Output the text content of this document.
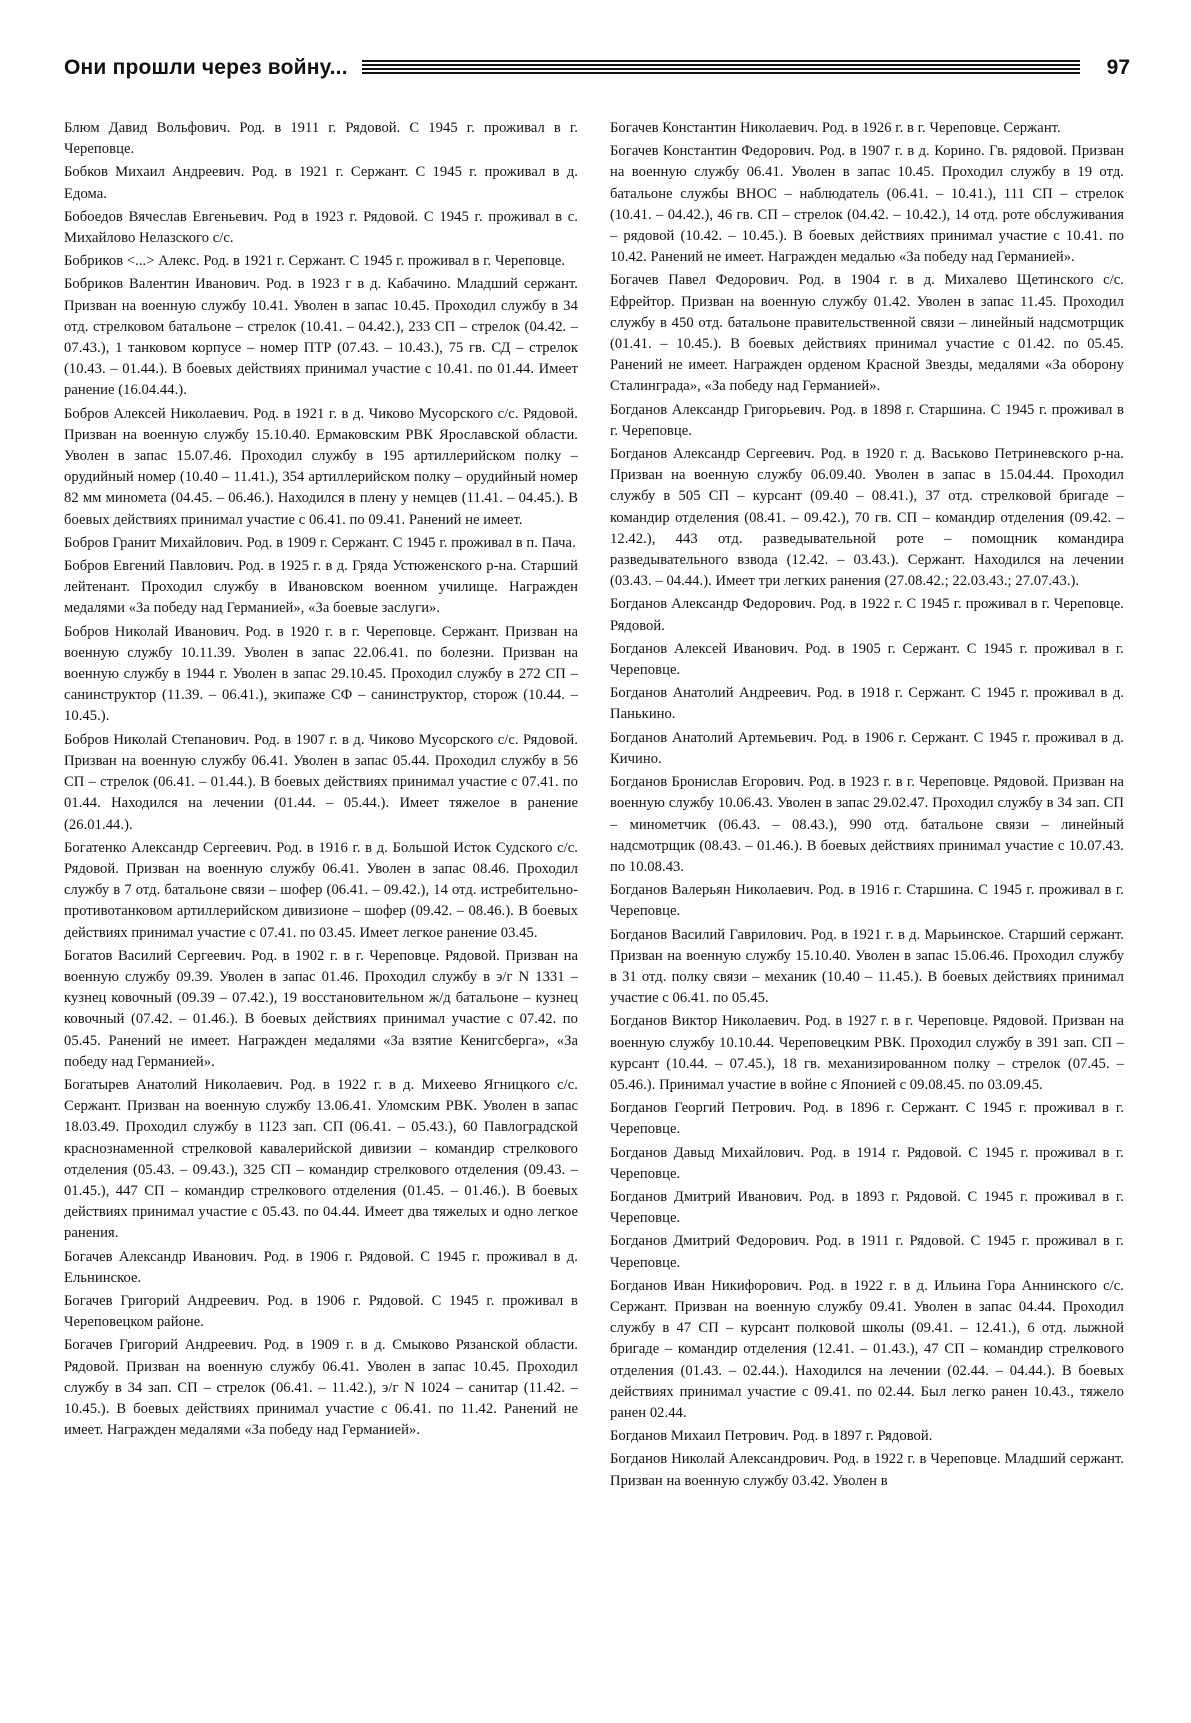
Они прошли через войну...	97

Блюм Давид Вольфович. Род. в 1911 г. Рядовой. С 1945 г. проживал в г. Череповце.

Бобков Михаил Андреевич. Род. в 1921 г. Сержант. С 1945 г. проживал в д. Едома.

Бобоедов Вячеслав Евгеньевич. Род в 1923 г. Рядовой. С 1945 г. проживал в с. Михайлово Нелазского с/с.

Бобриков <...> Алекс. Род. в 1921 г. Сержант. С 1945 г. проживал в г. Череповце.

Бобриков Валентин Иванович. Род. в 1923 г в д. Кабачино. Младший сержант. Призван на военную службу 10.41. Уволен в запас 10.45. Проходил службу в 34 отд. стрелковом батальоне – стрелок (10.41. – 04.42.), 233 СП – стрелок (04.42. – 07.43.), 1 танковом корпусе – номер ПТР (07.43. – 10.43.), 75 гв. СД – стрелок (10.43. – 01.44.). В боевых действиях принимал участие с 10.41. по 01.44. Имеет ранение (16.04.44.).

Бобров Алексей Николаевич. Род. в 1921 г. в д. Чиково Мусорского с/с. Рядовой. Призван на военную службу 15.10.40. Ермаковским РВК Ярославской области. Уволен в запас 15.07.46. Проходил службу в 195 артиллерийском полку – орудийный номер (10.40 – 11.41.), 354 артиллерийском полку – орудийный номер 82 мм миномета (04.45. – 06.46.). Находился в плену у немцев (11.41. – 04.45.). В боевых действиях принимал участие с 06.41. по 09.41. Ранений не имеет.

Бобров Гранит Михайлович. Род. в 1909 г. Сержант. С 1945 г. проживал в п. Пача.

Бобров Евгений Павлович. Род. в 1925 г. в д. Гряда Устюженского р-на. Старший лейтенант. Проходил службу в Ивановском военном училище. Награжден медалями «За победу над Германией», «За боевые заслуги».

Бобров Николай Иванович. Род. в 1920 г. в г. Череповце. Сержант. Призван на военную службу 10.11.39. Уволен в запас 22.06.41. по болезни. Призван на военную службу в 1944 г. Уволен в запас 29.10.45. Проходил службу в 272 СП – санинструктор (11.39. – 06.41.), экипаже СФ – санинструктор, сторож (10.44. – 10.45.).

Бобров Николай Степанович. Род. в 1907 г. в д. Чиково Мусорского с/с. Рядовой. Призван на военную службу 06.41. Уволен в запас 05.44. Проходил службу в 56 СП – стрелок (06.41. – 01.44.). В боевых действиях принимал участие с 07.41. по 01.44. Находился на лечении (01.44. – 05.44.). Имеет тяжелое в ранение (26.01.44.).

Богатенко Александр Сергеевич. Род. в 1916 г. в д. Большой Исток Судского с/с. Рядовой. Призван на военную службу 06.41. Уволен в запас 08.46. Проходил службу в 7 отд. батальоне связи – шофер (06.41. – 09.42.), 14 отд. истребительно-противотанковом артиллерийском дивизионе – шофер (09.42. – 08.46.). В боевых действиях принимал участие с 07.41. по 03.45. Имеет легкое ранение 03.45.

Богатов Василий Сергеевич. Род. в 1902 г. в г. Череповце. Рядовой. Призван на военную службу 09.39. Уволен в запас 01.46. Проходил службу в э/г N 1331 – кузнец ковочный (09.39 – 07.42.), 19 восстановительном ж/д батальоне – кузнец ковочный (07.42. – 01.46.). В боевых действиях принимал участие с 07.42. по 05.45. Ранений не имеет. Награжден медалями «За взятие Кенигсберга», «За победу над Германией».

Богатырев Анатолий Николаевич. Род. в 1922 г. в д. Михеево Ягницкого с/с. Сержант. Призван на военную службу 13.06.41. Уломским РВК. Уволен в запас 18.03.49. Проходил службу в 1123 зап. СП (06.41. – 05.43.), 60 Павлоградской краснознаменной стрелковой кавалерийской дивизии – командир стрелкового отделения (05.43. – 09.43.), 325 СП – командир стрелкового отделения (09.43. – 01.45.), 447 СП – командир стрелкового отделения (01.45. – 01.46.). В боевых действиях принимал участие с 05.43. по 04.44. Имеет два тяжелых и одно легкое ранения.

Богачев Александр Иванович. Род. в 1906 г. Рядовой. С 1945 г. проживал в д. Ельнинское.

Богачев Григорий Андреевич. Род. в 1906 г. Рядовой. С 1945 г. проживал в Череповецком районе.

Богачев Григорий Андреевич. Род. в 1909 г. в д. Смыково Рязанской области. Рядовой. Призван на военную службу 06.41. Уволен в запас 10.45. Проходил службу в 34 зап. СП – стрелок (06.41. – 11.42.), э/г N 1024 – санитар (11.42. – 10.45.). В боевых действиях принимал участие с 06.41. по 11.42. Ранений не имеет. Награжден медалями «За победу над Германией».

Богачев Константин Николаевич. Род. в 1926 г. в г. Череповце. Сержант.

Богачев Константин Федорович. Род. в 1907 г. в д. Корино. Гв. рядовой. Призван на военную службу 06.41. Уволен в запас 10.45. Проходил службу в 19 отд. батальоне службы ВНОС – наблюдатель (06.41. – 10.41.), 111 СП – стрелок (10.41. – 04.42.), 46 гв. СП – стрелок (04.42. – 10.42.), 14 отд. роте обслуживания – рядовой (10.42. – 10.45.). В боевых действиях принимал участие с 10.41. по 10.42. Ранений не имеет. Награжден медалью «За победу над Германией».

Богачев Павел Федорович. Род. в 1904 г. в д. Михалево Щетинского с/с. Ефрейтор. Призван на военную службу 01.42. Уволен в запас 11.45. Проходил службу в 450 отд. батальоне правительственной связи – линейный надсмотрщик (01.41. – 10.45.). В боевых действиях принимал участие с 01.42. по 05.45. Ранений не имеет. Награжден орденом Красной Звезды, медалями «За оборону Сталинграда», «За победу над Германией».

Богданов Александр Григорьевич. Род. в 1898 г. Старшина. С 1945 г. проживал в г. Череповце.

Богданов Александр Сергеевич. Род. в 1920 г. д. Васьково Петриневского р-на. Призван на военную службу 06.09.40. Уволен в запас в 15.04.44. Проходил службу в 505 СП – курсант (09.40 – 08.41.), 37 отд. стрелковой бригаде – командир отделения (08.41. – 09.42.), 70 гв. СП – командир отделения (09.42. – 12.42.), 443 отд. разведывательной роте – помощник командира разведывательного взвода (12.42. – 03.43.). Сержант. Находился на лечении (03.43. – 04.44.). Имеет три легких ранения (27.08.42.; 22.03.43.; 27.07.43.).

Богданов Александр Федорович. Род. в 1922 г. С 1945 г. проживал в г. Череповце. Рядовой.

Богданов Алексей Иванович. Род. в 1905 г. Сержант. С 1945 г. проживал в г. Череповце.

Богданов Анатолий Андреевич. Род. в 1918 г. Сержант. С 1945 г. проживал в д. Панькино.

Богданов Анатолий Артемьевич. Род. в 1906 г. Сержант. С 1945 г. проживал в д. Кичино.

Богданов Бронислав Егорович. Род. в 1923 г. в г. Череповце. Рядовой. Призван на военную службу 10.06.43. Уволен в запас 29.02.47. Проходил службу в 34 зап. СП – минометчик (06.43. – 08.43.), 990 отд. батальоне связи – линейный надсмотрщик (08.43. – 01.46.). В боевых действиях принимал участие с 10.07.43. по 10.08.43.

Богданов Валерьян Николаевич. Род. в 1916 г. Старшина. С 1945 г. проживал в г. Череповце.

Богданов Василий Гаврилович. Род. в 1921 г. в д. Марьинское. Старший сержант. Призван на военную службу 15.10.40. Уволен в запас 15.06.46. Проходил службу в 31 отд. полку связи – механик (10.40 – 11.45.). В боевых действиях принимал участие с 06.41. по 05.45.

Богданов Виктор Николаевич. Род. в 1927 г. в г. Череповце. Рядовой. Призван на военную службу 10.10.44. Череповецким РВК. Проходил службу в 391 зап. СП – курсант (10.44. – 07.45.), 18 гв. механизированном полку – стрелок (07.45. – 05.46.). Принимал участие в войне с Японией с 09.08.45. по 03.09.45.

Богданов Георгий Петрович. Род. в 1896 г. Сержант. С 1945 г. проживал в г. Череповце.

Богданов Давыд Михайлович. Род. в 1914 г. Рядовой. С 1945 г. проживал в г. Череповце.

Богданов Дмитрий Иванович. Род. в 1893 г. Рядовой. С 1945 г. проживал в г. Череповце.

Богданов Дмитрий Федорович. Род. в 1911 г. Рядовой. С 1945 г. проживал в г. Череповце.

Богданов Иван Никифорович. Род. в 1922 г. в д. Ильина Гора Аннинского с/с. Сержант. Призван на военную службу 09.41. Уволен в запас 04.44. Проходил службу в 47 СП – курсант полковой школы (09.41. – 12.41.), 6 отд. лыжной бригаде – командир отделения (12.41. – 01.43.), 47 СП – командир стрелкового отделения (01.43. – 02.44.). Находился на лечении (02.44. – 04.44.). В боевых действиях принимал участие с 09.41. по 02.44. Был легко ранен 10.43., тяжело ранен 02.44.

Богданов Михаил Петрович. Род. в 1897 г. Рядовой.

Богданов Николай Александрович. Род. в 1922 г. в Череповце. Младший сержант. Призван на военную службу 03.42. Уволен в
